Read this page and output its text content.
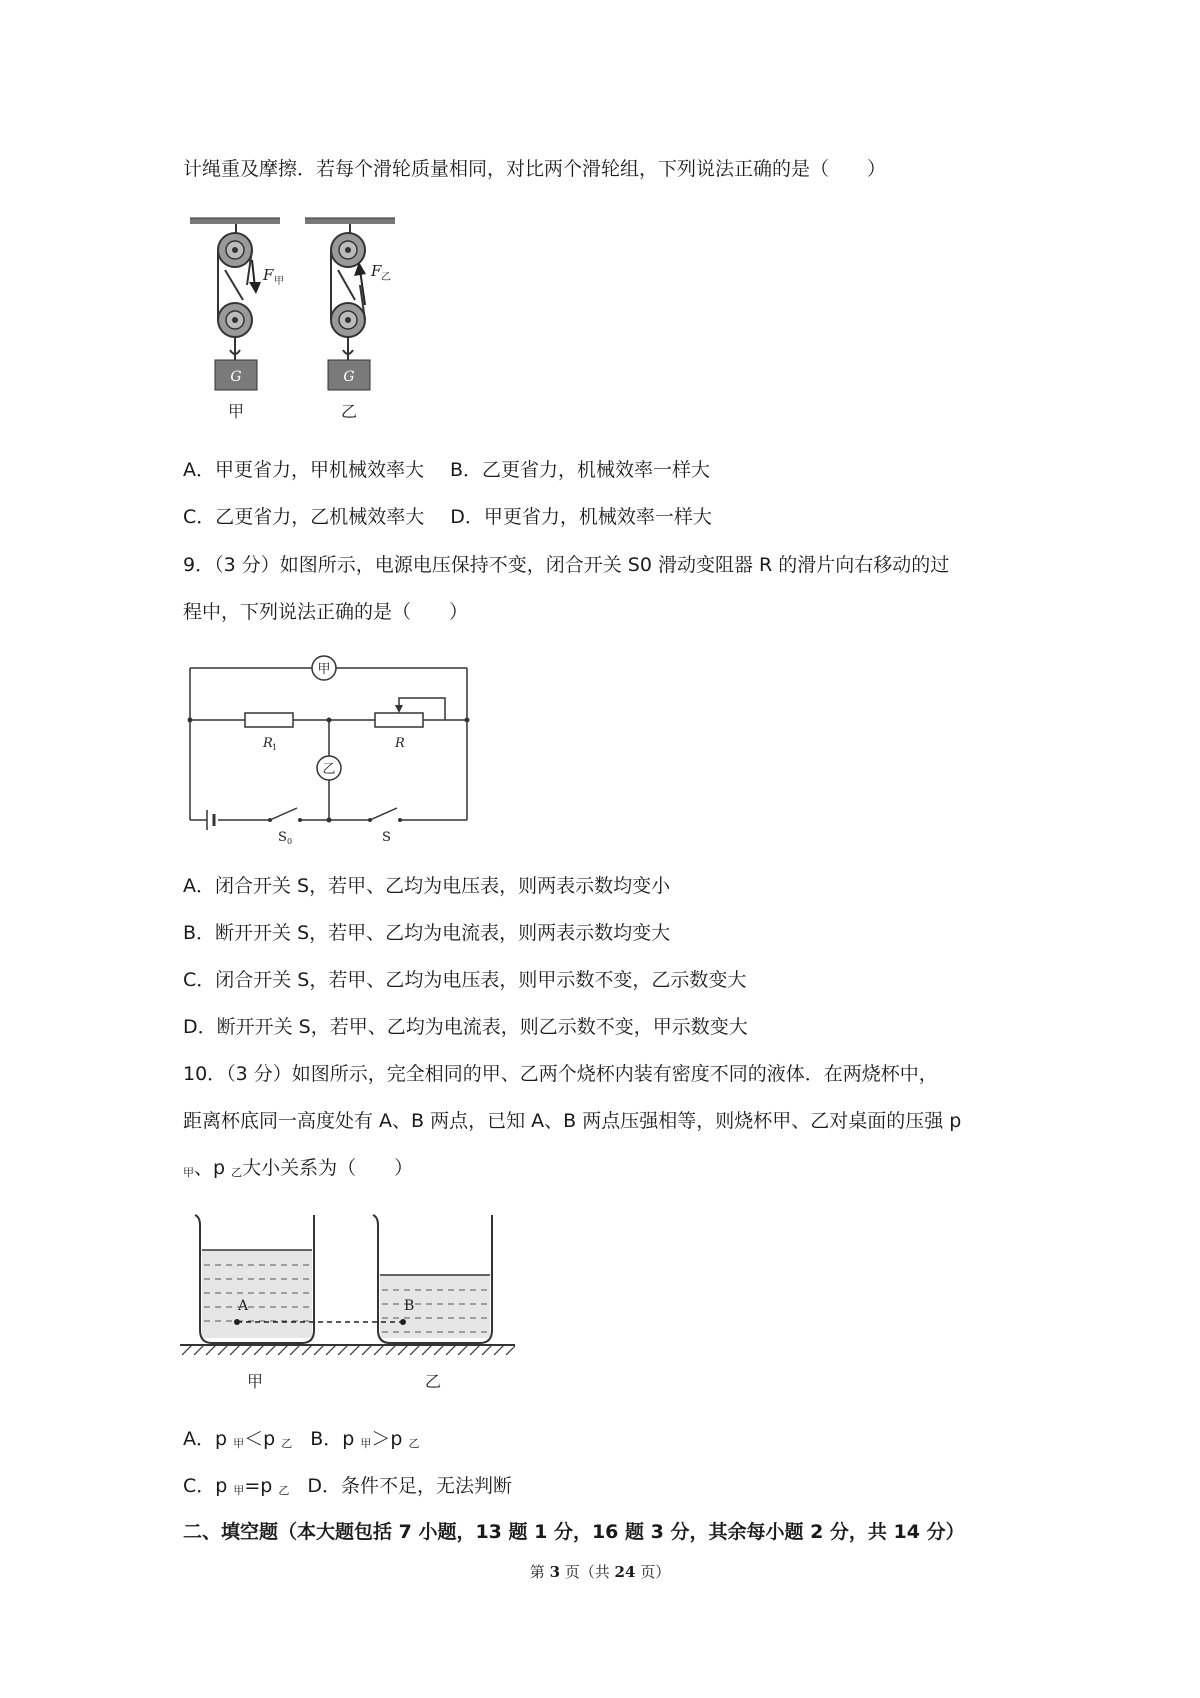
计绳重及摩擦．若每个滑轮质量相同，对比两个滑轮组，下列说法正确的是（　　）
G
F 甲
甲
G
F 乙
乙
A．甲更省力，甲机械效率大 B．乙更省力，机械效率一样大
C．乙更省力，乙机械效率大 D．甲更省力，机械效率一样大
9．（3 分）如图所示，电源电压保持不变，闭合开关 S0 滑动变阻器 R 的滑片向右移动的过
程中，下列说法正确的是（　　）
甲
乙
R 1	R
S 0	S
A．闭合开关 S，若甲、乙均为电压表，则两表示数均变小
B．断开开关 S，若甲、乙均为电流表，则两表示数均变大
C．闭合开关 S，若甲、乙均为电压表，则甲示数不变，乙示数变大
D．断开开关 S，若甲、乙均为电流表，则乙示数不变，甲示数变大
10．（3 分）如图所示，完全相同的甲、乙两个烧杯内装有密度不同的液体．在两烧杯中，
距离杯底同一高度处有 A、B 两点，已知 A、B 两点压强相等，则烧杯甲、乙对桌面的压强 p
$_甲$、p $_乙$大小关系为（　　）
A	B
甲	乙
A．p $_甲$＜p $_乙$ B．p $_甲$＞p $_乙$
C．p $_甲$=p $_乙$ D．条件不足，无法判断
二、填空题（本大题包括 7 小题，13 题 1 分，16 题 3 分，其余每小题 2 分，共 14 分）
第 3 页（共 24 页）
